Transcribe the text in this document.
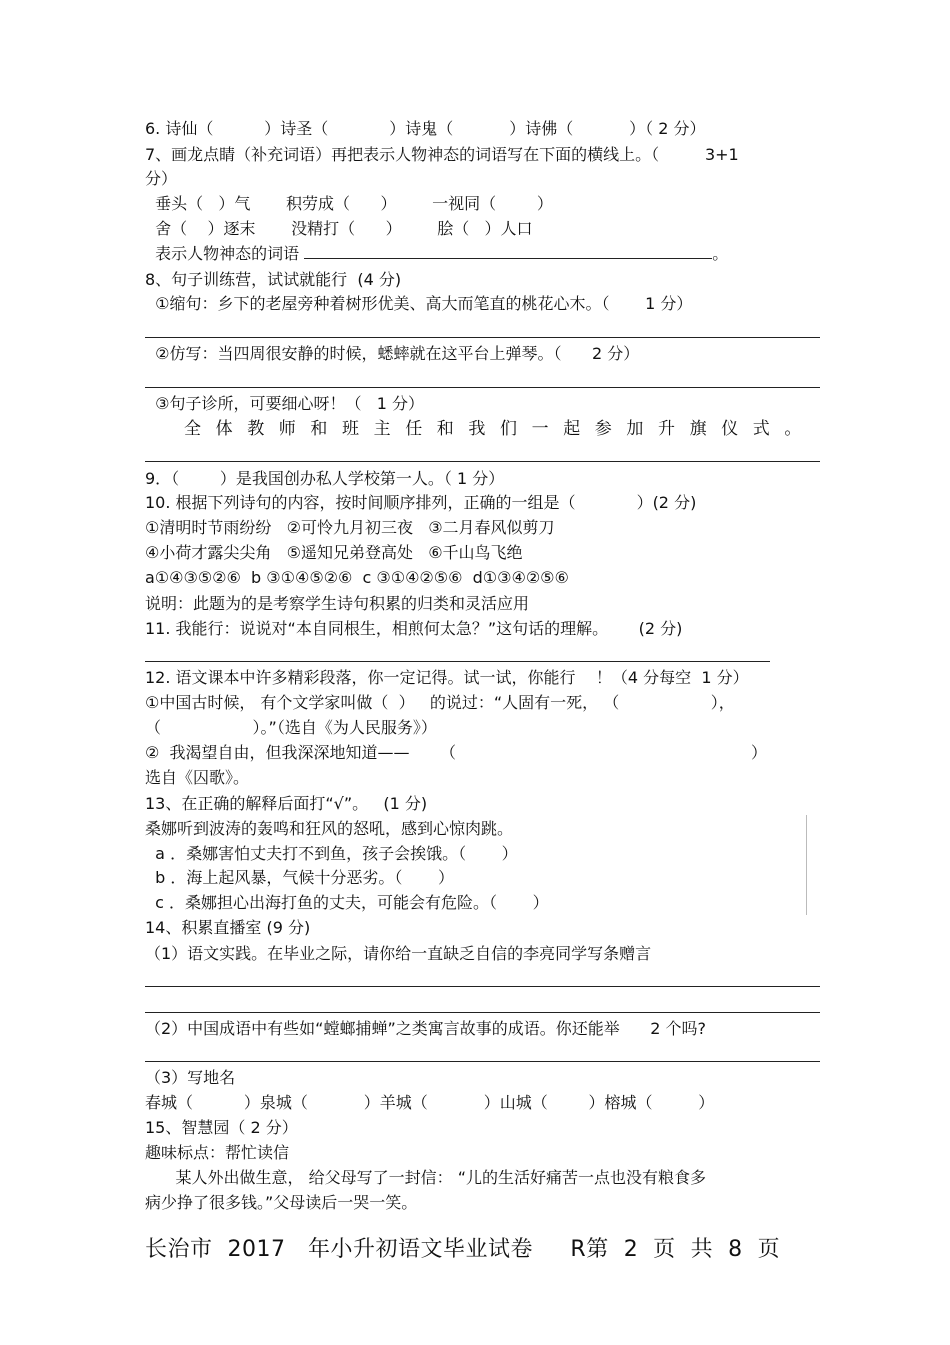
6. 诗仙（          ）诗圣（            ）诗鬼（           ）诗佛（           ）（ 2 分）
7、画龙点睛（补充词语）再把表示人物神态的词语写在下面的横线上。（         3+1
分）
垂头（   ）气       积劳成（      ）       一视同（        ）
舍（    ）逐末       没精打（      ）       脍（   ）人口
表示人物神态的词语	。
8、句子训练营，试试就能行  (4 分)
①缩句：乡下的老屋旁种着树形优美、高大而笔直的桃花心木。（       1 分）
②仿写：当四周很安静的时候，蟋蟀就在这平台上弹琴。（      2 分）
③句子诊所，可要细心呀！（   1 分）
全体教师和班主任和我们一起参加升旗仪式。
9．（        ）是我国创办私人学校第一人。（ 1 分）
10. 根据下列诗句的内容，按时间顺序排列，正确的一组是（            ）(2 分)
①清明时节雨纷纷   ②可怜九月初三夜   ③二月春风似剪刀
④小荷才露尖尖角   ⑤遥知兄弟登高处   ⑥千山鸟飞绝
a①④③⑤②⑥  b ③①④⑤②⑥  c ③①④②⑤⑥  d①③④②⑤⑥
说明：此题为的是考察学生诗句积累的归类和灵活应用
11. 我能行：说说对“本自同根生，相煎何太急？”这句话的理解。      (2 分)
12. 语文课本中许多精彩段落，你一定记得。试一试，你能行    ！（4 分每空  1 分）
①中国古时候， 有个文学家叫做（  ）   的说过：“人固有一死， （                  ），
（                  ）。”（选自《为人民服务》）
②  我渴望自由，但我深深地知道——      （                                                          ）
选自《囚歌》。
13、在正确的解释后面打“√”。   (1 分)
桑娜听到波涛的轰鸣和狂风的怒吼，感到心惊肉跳。
a ．桑娜害怕丈夫打不到鱼，孩子会挨饿。（       ）
b ．海上起风暴，气候十分恶劣。（       ）
c ．桑娜担心出海打鱼的丈夫，可能会有危险。（       ）
14、积累直播室 (9 分)
（1）语文实践。在毕业之际，请你给一直缺乏自信的李亮同学写条赠言
（2）中国成语中有些如“螳螂捕蝉”之类寓言故事的成语。你还能举      2 个吗?
（3）写地名
春城（          ）泉城（           ）羊城（           ）山城（        ）榕城（         ）
15、智慧园（ 2 分）
趣味标点：帮忙读信
某人外出做生意， 给父母写了一封信： “儿的生活好痛苦一点也没有粮食多
病少挣了很多钱。”父母读后一哭一笑。
长治市  2017   年小升初语文毕业试卷     R第  2  页  共  8  页
